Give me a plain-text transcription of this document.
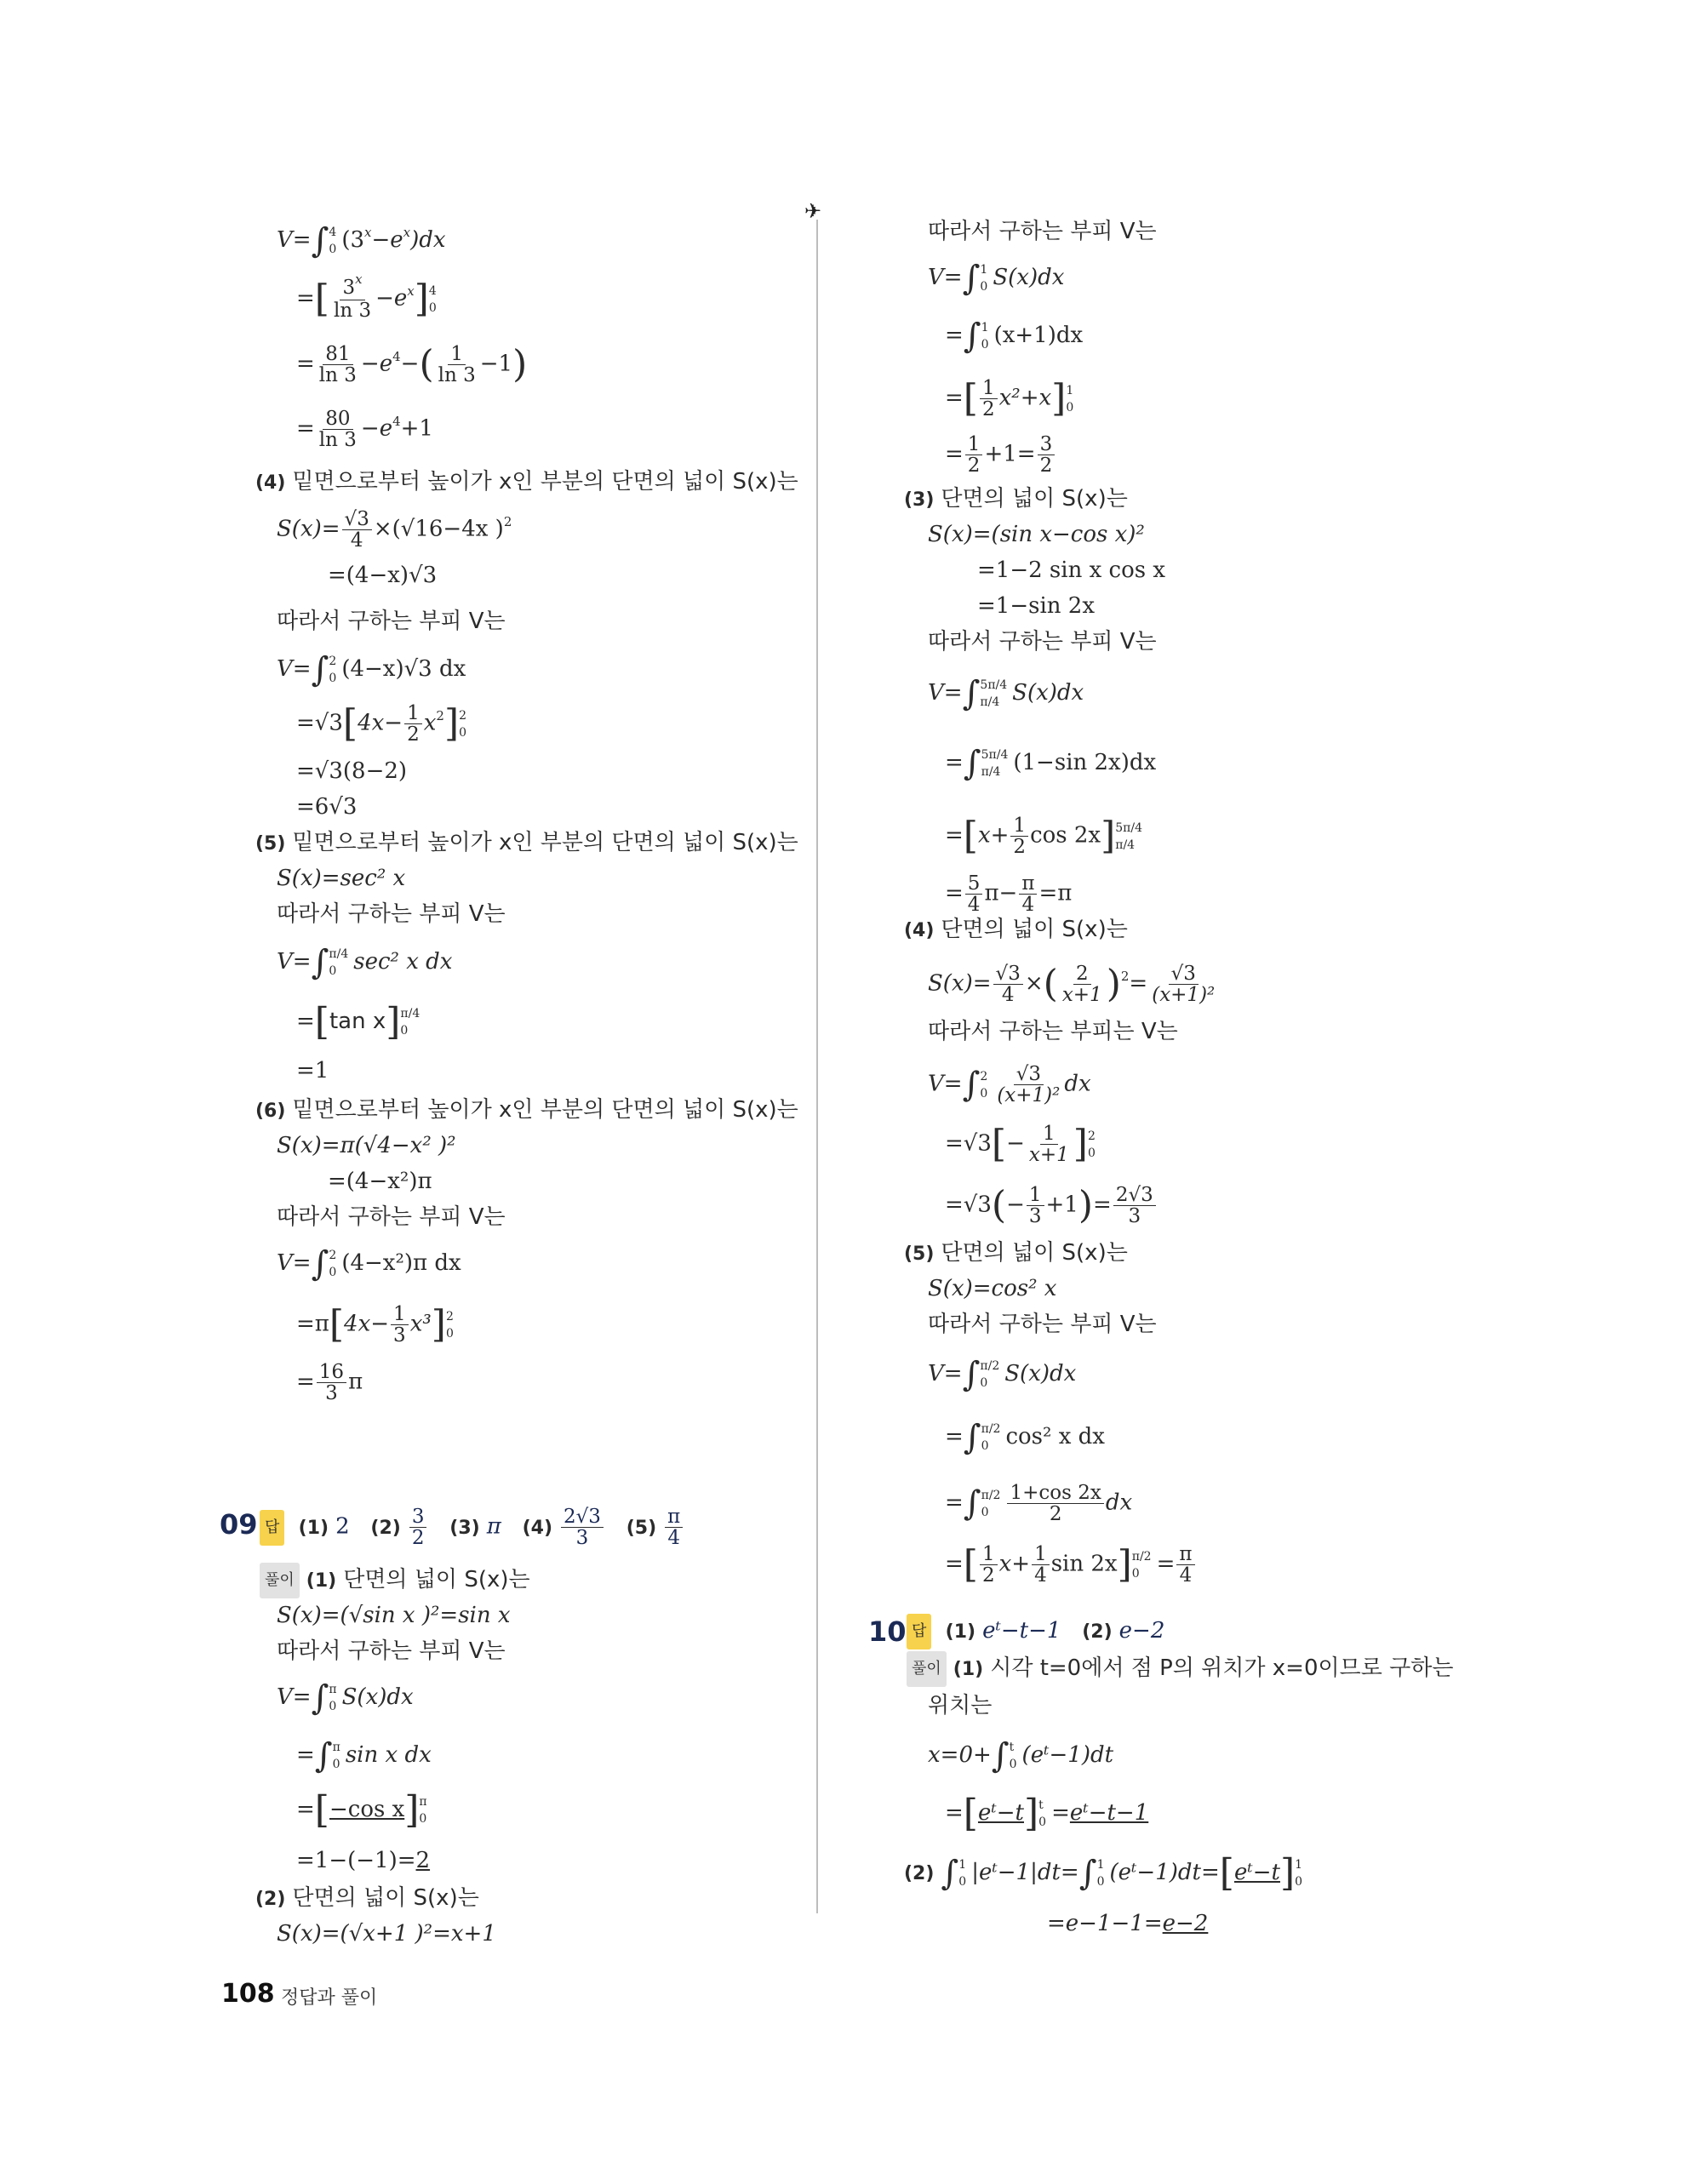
✈
V=∫ 4
0 $(3^x-e^x)dx$
=[ $\frac{3^x}{\ln 3} -e^x$] 4
0
= $\frac{81}{\ln 3} -e^4-( \frac{1}{\ln 3} -1)$
= $\frac{80}{\ln 3} -e^4+1$
(4) 밑면으로부터 높이가 x인 부분의 단면의 넓이 S(x)는
$S(x)= \frac{√3}{4} \times(√16-4x$ )$^2$
=(4−x)√3
따라서 구하는 부피 V는
V=∫ 2
0 (4−x)√3 dx
$=√3[4x- \frac{1}{2} x^2]$ 2
0
=√3(8−2)
=6√3
(5) 밑면으로부터 높이가 x인 부분의 단면의 넓이 S(x)는
S(x)=sec² x
따라서 구하는 부피 V는
V=∫ π/4
0 sec² x dx
=[tan x] π/4
0
=1
(6) 밑면으로부터 높이가 x인 부분의 단면의 넓이 S(x)는
S(x)=π(√4−x² )²
=(4−x²)π
따라서 구하는 부피 V는
V=∫ 2
0 (4−x²)π dx
$=\pi[4x- \frac{1}{3} x^3]$ 2
0
= $\frac{16}{3}$ π
09 답 (1) 2 $(2) \frac{3}{2} (3)$ π $(4) \frac{2√3}{3} (5) \frac{\pi}{4}$
풀이 (1) 단면의 넓이 S(x)는
S(x)=(√sin x )²=sin x
따라서 구하는 부피 V는
V=∫ π
0 S(x)dx
=∫ π
0 sin x dx
=[−cos x] π
0
=1−(−1)=2
(2) 단면의 넓이 S(x)는
S(x)=(√x+1 )²=x+1
따라서 구하는 부피 V는
V=∫ 1
0 S(x)dx
=∫ 1
0 (x+1)dx
=[ $\frac{1}{2} x^2+x$] 1
0
= $\frac{1}{2} +1= \frac{3}{2}$
(3) 단면의 넓이 S(x)는
S(x)=(sin x−cos x)²
=1−2 sin x cos x
=1−sin 2x
따라서 구하는 부피 V는
V=∫ 5π/4
π/4 S(x)dx
=∫ 5π/4
π/4 (1−sin 2x)dx
$=[x+ \frac{1}{2}$ cos 2x] 5π/4
π/4
= $\frac{5}{4} \pi- \frac{\pi}{4} =\pi$
(4) 단면의 넓이 S(x)는
$S(x)= \frac{√3}{4}$ ×( $\frac{2}{x+1} )^2= \frac{√3}{\text{(x+1)²}}$
따라서 구하는 부피는 V는
V=∫ 2
$0 \frac{√3}{\text{(x+1)²}}$ dx
$=√3[- \frac{1}{x+1}$ ] 2
0
$=√3(- \frac{1}{3} +1)= \frac{2√3}{3}$
(5) 단면의 넓이 S(x)는
S(x)=cos² x
따라서 구하는 부피 V는
V=∫ π/2
0 S(x)dx
=∫ π/2
0 cos² x dx
=∫ π/2
$0 \frac{1+\cos 2x}{2}$ dx
=[ $\frac{1}{2} x+ \frac{1}{4}$ sin 2x] π/2
$0 = \frac{\pi}{4}$
10 답 (1) eᵗ−t−1 (2) e−2
풀이 (1) 시각 t=0에서 점 P의 위치가 x=0이므로 구하는
위치는
x=0+∫ t
0 (eᵗ−1)dt
=[eᵗ−t] t
0 =eᵗ−t−1
(2) ∫ 1
0 |eᵗ−1|dt=∫ 1
0 (eᵗ−1)dt=[eᵗ−t] 1
0
=e−1−1=e−2
108 정답과 풀이
